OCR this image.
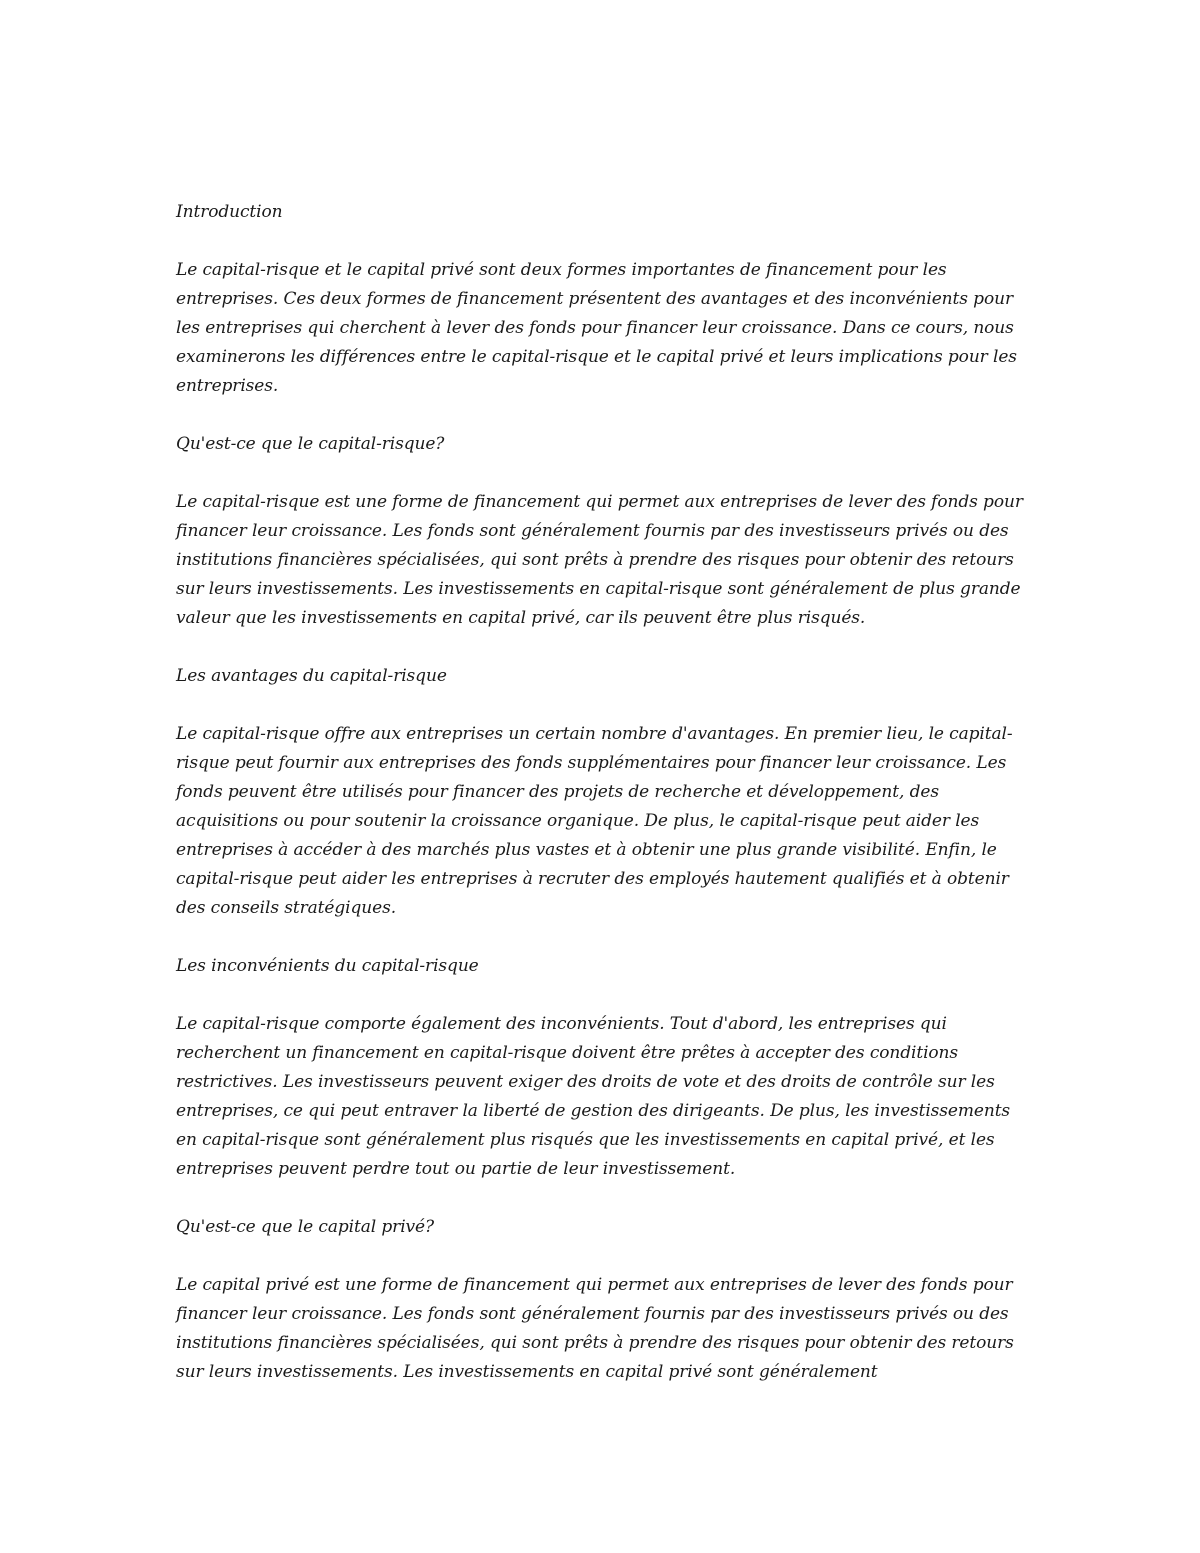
Introduction

Le capital-risque et le capital privé sont deux formes importantes de financement pour les entreprises. Ces deux formes de financement présentent des avantages et des inconvénients pour les entreprises qui cherchent à lever des fonds pour financer leur croissance. Dans ce cours, nous examinerons les différences entre le capital-risque et le capital privé et leurs implications pour les entreprises.

Qu'est-ce que le capital-risque?

Le capital-risque est une forme de financement qui permet aux entreprises de lever des fonds pour financer leur croissance. Les fonds sont généralement fournis par des investisseurs privés ou des institutions financières spécialisées, qui sont prêts à prendre des risques pour obtenir des retours sur leurs investissements. Les investissements en capital-risque sont généralement de plus grande valeur que les investissements en capital privé, car ils peuvent être plus risqués.

Les avantages du capital-risque

Le capital-risque offre aux entreprises un certain nombre d'avantages. En premier lieu, le capital-risque peut fournir aux entreprises des fonds supplémentaires pour financer leur croissance. Les fonds peuvent être utilisés pour financer des projets de recherche et développement, des acquisitions ou pour soutenir la croissance organique. De plus, le capital-risque peut aider les entreprises à accéder à des marchés plus vastes et à obtenir une plus grande visibilité. Enfin, le capital-risque peut aider les entreprises à recruter des employés hautement qualifiés et à obtenir des conseils stratégiques.

Les inconvénients du capital-risque

Le capital-risque comporte également des inconvénients. Tout d'abord, les entreprises qui recherchent un financement en capital-risque doivent être prêtes à accepter des conditions restrictives. Les investisseurs peuvent exiger des droits de vote et des droits de contrôle sur les entreprises, ce qui peut entraver la liberté de gestion des dirigeants. De plus, les investissements en capital-risque sont généralement plus risqués que les investissements en capital privé, et les entreprises peuvent perdre tout ou partie de leur investissement.

Qu'est-ce que le capital privé?

Le capital privé est une forme de financement qui permet aux entreprises de lever des fonds pour financer leur croissance. Les fonds sont généralement fournis par des investisseurs privés ou des institutions financières spécialisées, qui sont prêts à prendre des risques pour obtenir des retours sur leurs investissements. Les investissements en capital privé sont généralement
